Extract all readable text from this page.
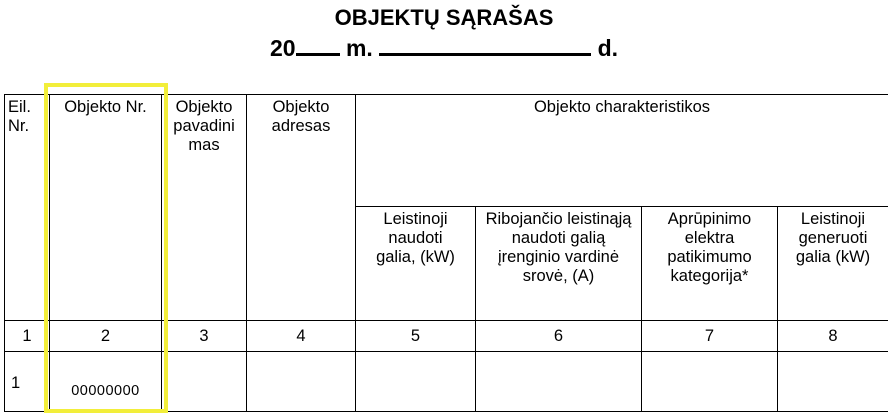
OBJEKTŲ SĄRAŠAS
20 m.	d.
Eil. Nr.	Objekto Nr.	Objekto pavadini mas	Objekto adresas	Objekto charakteristikos			
				Leistinoji naudoti galia, (kW)	Ribojančio leistinąją naudoti galią įrenginio vardinė srovė, (A)	Aprūpinimo elektra patikimumo kategorija*	Leistinoji generuoti galia (kW)
1	2	3	4	5	6	7	8

1	00000000						
